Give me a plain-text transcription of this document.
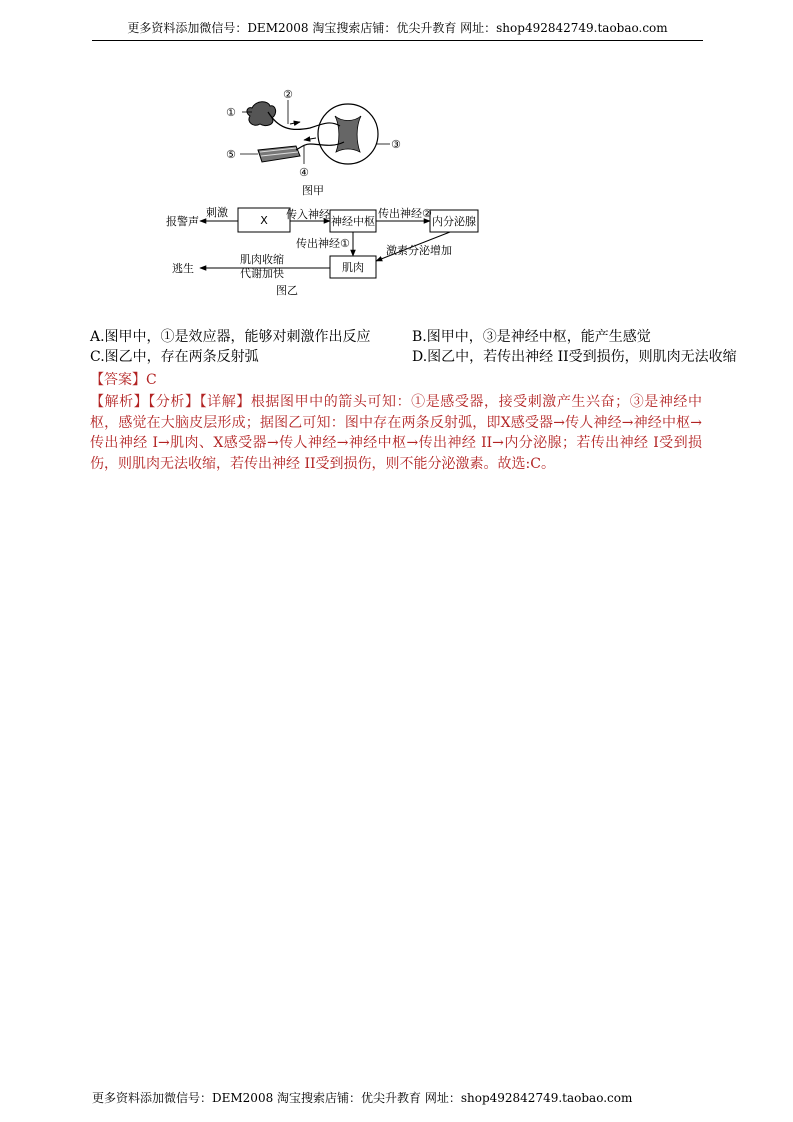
更多资料添加微信号：DEM2008 淘宝搜索店铺：优尖升教育 网址：shop492842749.taobao.com
①
②
③
④
⑤
图甲
X	神经中枢	内分泌腺
肌肉
报警声
刺激	传入神经	传出神经②
传出神经①
激素分泌增加
肌肉收缩
代谢加快
逃生
图乙
A.图甲中，①是效应器，能够对刺激作出反应	B.图甲中，③是神经中枢，能产生感觉
C.图乙中，存在两条反射弧	D.图乙中，若传出神经 II受到损伤，则肌肉无法收缩
【答案】C
【解析】【分析】【详解】根据图甲中的箭头可知：①是感受器，接受刺激产生兴奋；③是神经中枢，感觉在大脑皮层形成；据图乙可知：图中存在两条反射弧，即X感受器→传人神经→神经中枢→传出神经 I→肌肉、X感受器→传人神经→神经中枢→传出神经 II→内分泌腺；若传出神经 I受到损伤，则肌肉无法收缩，若传出神经 II受到损伤，则不能分泌激素。故选:C。
更多资料添加微信号：DEM2008 淘宝搜索店铺：优尖升教育 网址：shop492842749.taobao.com
